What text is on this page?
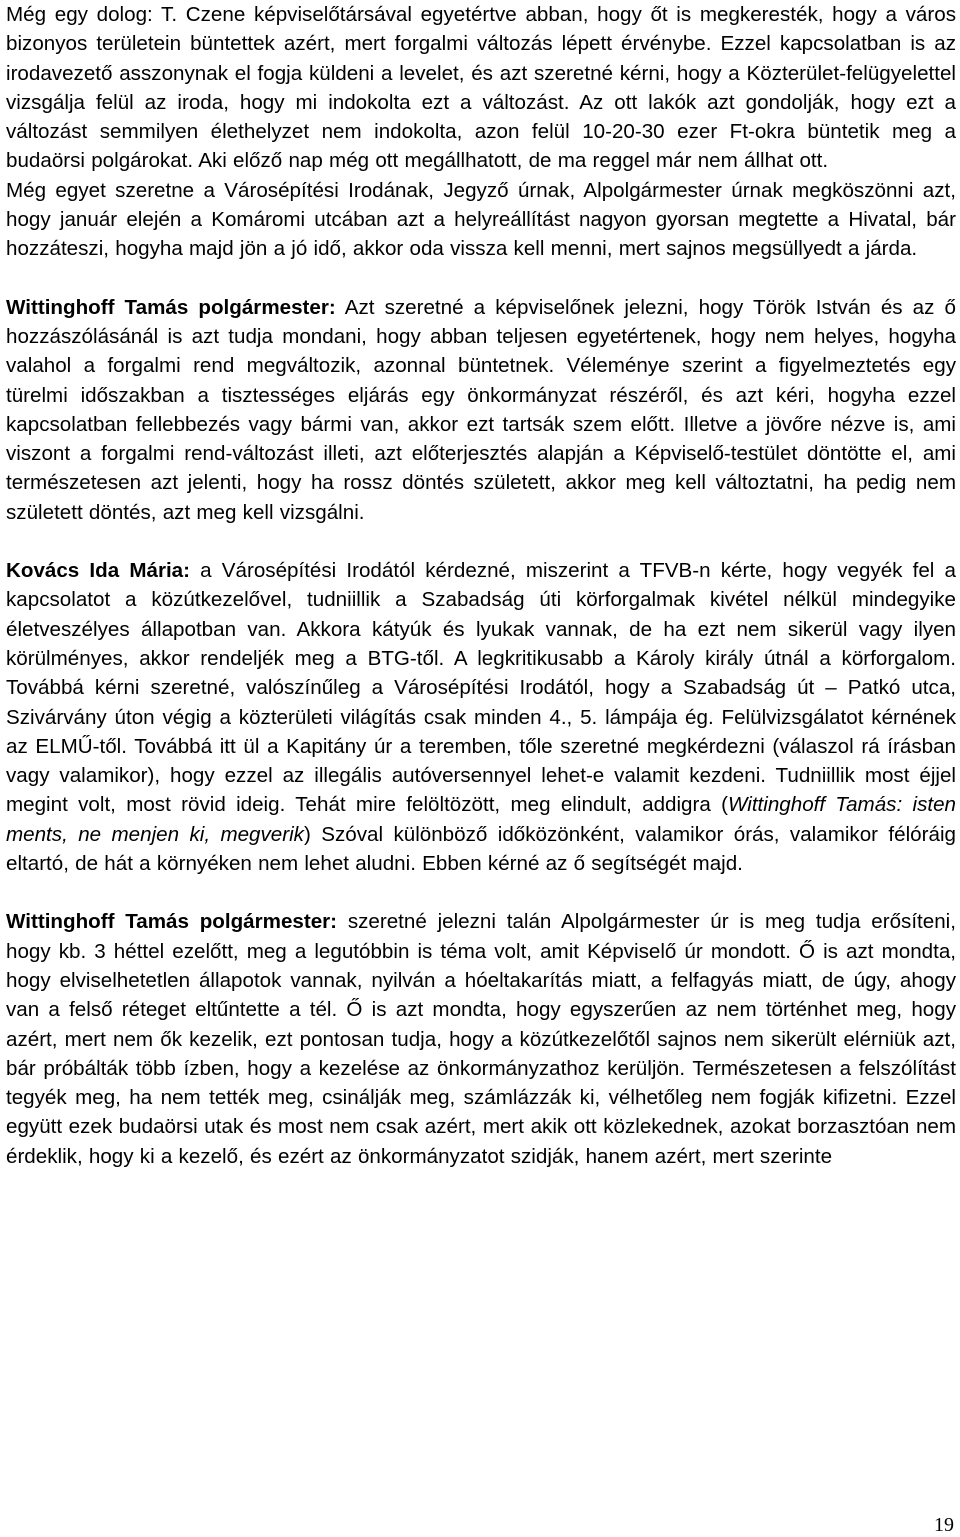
Még egy dolog: T. Czene képviselőtársával egyetértve abban, hogy őt is megkeresték, hogy a város bizonyos területein büntettek azért, mert forgalmi változás lépett érvénybe. Ezzel kapcsolatban is az irodavezető asszonynak el fogja küldeni a levelet, és azt szeretné kérni, hogy a Közterület-felügyelettel vizsgálja felül az iroda, hogy mi indokolta ezt a változást. Az ott lakók azt gondolják, hogy ezt a változást semmilyen élethelyzet nem indokolta, azon felül 10-20-30 ezer Ft-okra büntetik meg a budaörsi polgárokat. Aki előző nap még ott megállhatott, de ma reggel már nem állhat ott.

Még egyet szeretne a Városépítési Irodának, Jegyző úrnak, Alpolgármester úrnak megköszönni azt, hogy január elején a Komáromi utcában azt a helyreállítást nagyon gyorsan megtette a Hivatal, bár hozzáteszi, hogyha majd jön a jó idő, akkor oda vissza kell menni, mert sajnos megsüllyedt a járda.

Wittinghoff Tamás polgármester: Azt szeretné a képviselőnek jelezni, hogy Török István és az ő hozzászólásánál is azt tudja mondani, hogy abban teljesen egyetértenek, hogy nem helyes, hogyha valahol a forgalmi rend megváltozik, azonnal büntetnek. Véleménye szerint a figyelmeztetés egy türelmi időszakban a tisztességes eljárás egy önkormányzat részéről, és azt kéri, hogyha ezzel kapcsolatban fellebbezés vagy bármi van, akkor ezt tartsák szem előtt. Illetve a jövőre nézve is, ami viszont a forgalmi rend-változást illeti, azt előterjesztés alapján a Képviselő-testület döntötte el, ami természetesen azt jelenti, hogy ha rossz döntés született, akkor meg kell változtatni, ha pedig nem született döntés, azt meg kell vizsgálni.

Kovács Ida Mária: a Városépítési Irodától kérdezné, miszerint a TFVB-n kérte, hogy vegyék fel a kapcsolatot a közútkezelővel, tudniillik a Szabadság úti körforgalmak kivétel nélkül mindegyike életveszélyes állapotban van. Akkora kátyúk és lyukak vannak, de ha ezt nem sikerül vagy ilyen körülményes, akkor rendeljék meg a BTG-től. A legkritikusabb a Károly király útnál a körforgalom. Továbbá kérni szeretné, valószínűleg a Városépítési Irodától, hogy a Szabadság út – Patkó utca, Szivárvány úton végig a közterületi világítás csak minden 4., 5. lámpája ég. Felülvizsgálatot kérnének az ELMŰ-től. Továbbá itt ül a Kapitány úr a teremben, tőle szeretné megkérdezni (válaszol rá írásban vagy valamikor), hogy ezzel az illegális autóversennyel lehet-e valamit kezdeni. Tudniillik most éjjel megint volt, most rövid ideig. Tehát mire felöltözött, meg elindult, addigra (Wittinghoff Tamás: isten ments, ne menjen ki, megverik) Szóval különböző időközönként, valamikor órás, valamikor félóráig eltartó, de hát a környéken nem lehet aludni. Ebben kérné az ő segítségét majd.

Wittinghoff Tamás polgármester: szeretné jelezni talán Alpolgármester úr is meg tudja erősíteni, hogy kb. 3 héttel ezelőtt, meg a legutóbbin is téma volt, amit Képviselő úr mondott. Ő is azt mondta, hogy elviselhetetlen állapotok vannak, nyilván a hóeltakarítás miatt, a felfagyás miatt, de úgy, ahogy van a felső réteget eltűntette a tél. Ő is azt mondta, hogy egyszerűen az nem történhet meg, hogy azért, mert nem ők kezelik, ezt pontosan tudja, hogy a közútkezelőtől sajnos nem sikerült elérniük azt, bár próbálták több ízben, hogy a kezelése az önkormányzathoz kerüljön. Természetesen a felszólítást tegyék meg, ha nem tették meg, csinálják meg, számlázzák ki, vélhetőleg nem fogják kifizetni. Ezzel együtt ezek budaörsi utak és most nem csak azért, mert akik ott közlekednek, azokat borzasztóan nem érdeklik, hogy ki a kezelő, és ezért az önkormányzatot szidják, hanem azért, mert szerinte

19
